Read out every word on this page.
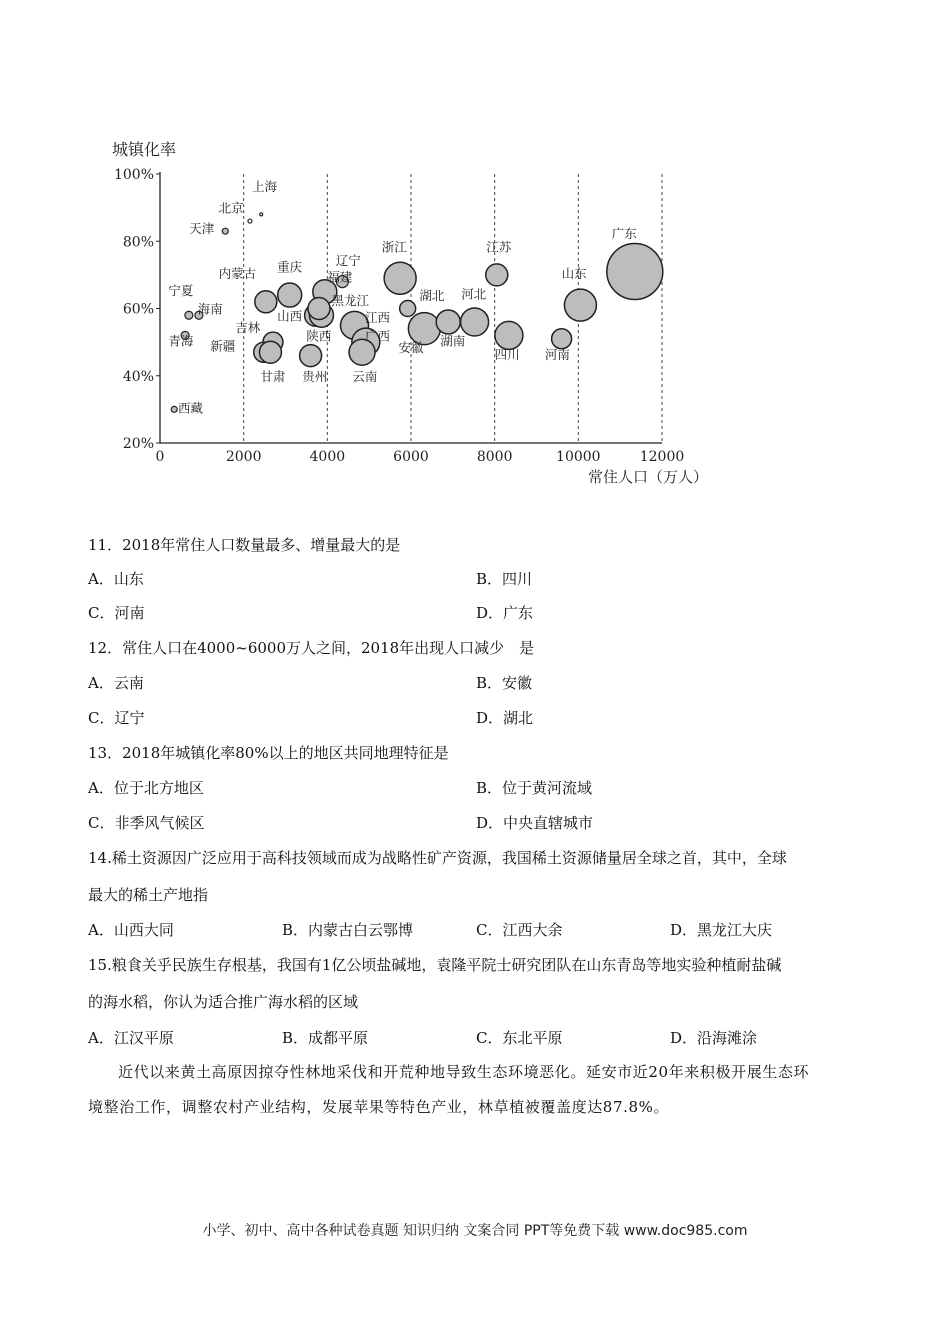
城镇化率
常住人口（万人）
20%
40%
60%
80%
100%
0	2000	4000	6000	8000	10000	12000
上海
北京
天津
宁夏
海南
青海
西藏
内蒙古 重庆
吉林
山西
新疆
甘肃 贵州
陕西
辽宁
福建
黑龙江
江西
广西
云南
浙江
湖北
安徽 湖南
河北
江苏
四川 河南
山东
广东
11．2018年常住人口数量最多、增量最大的是
A．山东	B．四川
C．河南	D．广东
12．常住人口在4000~6000万人之间，2018年出现人口减少　是
A．云南	B．安徽
C．辽宁	D．湖北
13．2018年城镇化率80%以上的地区共同地理特征是
A．位于北方地区	B．位于黄河流域
C．非季风气候区	D．中央直辖城市
14.稀土资源因广泛应用于高科技领域而成为战略性矿产资源，我国稀土资源储量居全球之首，其中，全球
最大的稀土产地指
A．山西大同	B．内蒙古白云鄂博	C．江西大余	D．黑龙江大庆
15.粮食关乎民族生存根基，我国有1亿公顷盐碱地，袁隆平院士研究团队在山东青岛等地实验种植耐盐碱
的海水稻，你认为适合推广海水稻的区域
A．江汉平原	B．成都平原	C．东北平原	D．沿海滩涂
近代以来黄土高原因掠夺性林地采伐和开荒种地导致生态环境恶化。延安市近20年来积极开展生态环
境整治工作，调整农村产业结构，发展苹果等特色产业，林草植被覆盖度达87.8%。
小学、初中、高中各种试卷真题 知识归纳 文案合同 PPT等免费下载 www.doc985.com
